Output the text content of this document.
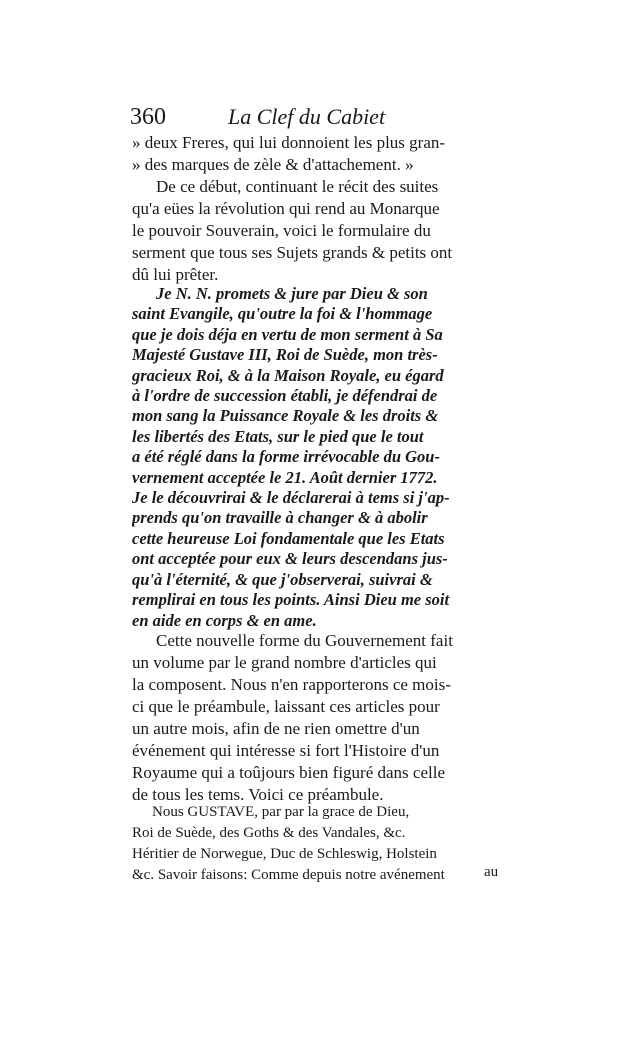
360	La Clef du Cabiet
» deux Freres, qui lui donnoient les plus gran-
» des marques de zèle & d'attachement. »
De ce début, continuant le récit des suites
qu'a eües la révolution qui rend au Monarque
le pouvoir Souverain, voici le formulaire du
serment que tous ses Sujets grands & petits ont
dû lui prêter.
Je N. N. promets & jure par Dieu & son
saint Evangile, qu'outre la foi & l'hommage
que je dois déja en vertu de mon serment à Sa
Majesté Gustave III, Roi de Suède, mon très-
gracieux Roi, & à la Maison Royale, eu égard
à l'ordre de succession établi, je défendrai de
mon sang la Puissance Royale & les droits &
les libertés des Etats, sur le pied que le tout
a été réglé dans la forme irrévocable du Gou-
vernement acceptée le 21. Août dernier 1772.
Je le découvrirai & le déclarerai à tems si j'ap-
prends qu'on travaille à changer & à abolir
cette heureuse Loi fondamentale que les Etats
ont acceptée pour eux & leurs descendans jus-
qu'à l'éternité, & que j'observerai, suivrai &
remplirai en tous les points. Ainsi Dieu me soit
en aide en corps & en ame.
Cette nouvelle forme du Gouvernement fait
un volume par le grand nombre d'articles qui
la composent. Nous n'en rapporterons ce mois-
ci que le préambule, laissant ces articles pour
un autre mois, afin de ne rien omettre d'un
événement qui intéresse si fort l'Histoire d'un
Royaume qui a toûjours bien figuré dans celle
de tous les tems. Voici ce préambule.
Nous GUSTAVE, par par la grace de Dieu,
Roi de Suède, des Goths & des Vandales, &c.
Héritier de Norwegue, Duc de Schleswig, Holstein
&c. Savoir faisons: Comme depuis notre avénement	au
